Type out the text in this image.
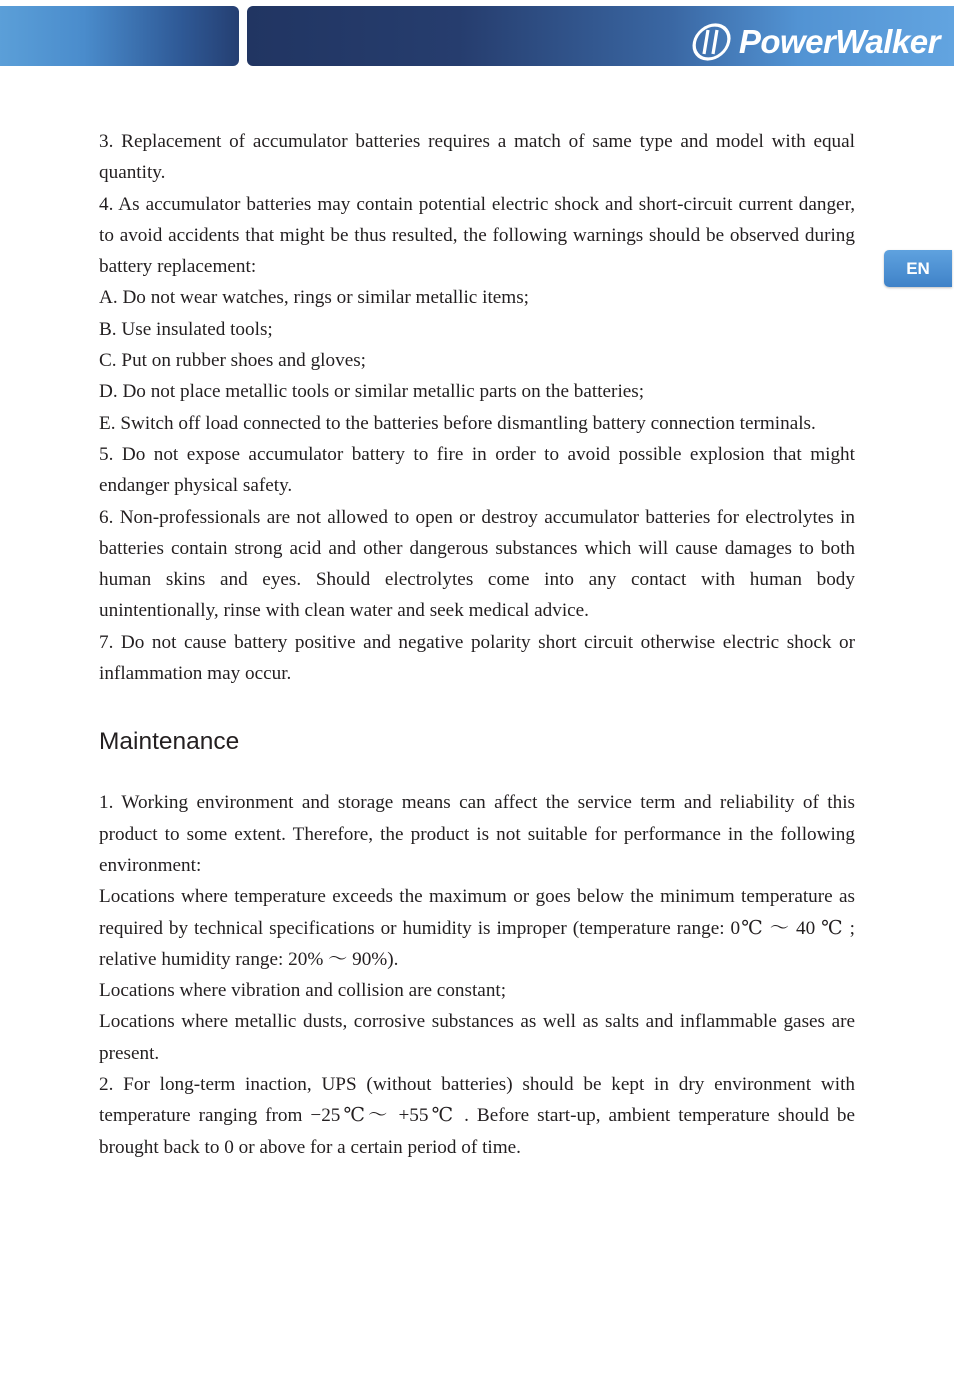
PowerWalker
EN

3. Replacement of accumulator batteries requires a match of same type and model with equal quantity.

4. As accumulator batteries may contain potential electric shock and short-circuit current danger, to avoid accidents that might be thus resulted, the following warnings should be observed during battery replacement:

A. Do not wear watches, rings or similar metallic items;

B. Use insulated tools;

C. Put on rubber shoes and gloves;

D. Do not place metallic tools or similar metallic parts on the batteries;

E. Switch off load connected to the batteries before dismantling battery connection terminals.

5. Do not expose accumulator battery to fire in order to avoid possible explosion that might endanger physical safety.

6. Non-professionals are not allowed to open or destroy accumulator batteries for electrolytes in batteries contain strong acid and other dangerous substances which will cause damages to both human skins and eyes. Should electrolytes come into any contact with human body unintentionally, rinse with clean water and seek medical advice.

7. Do not cause battery positive and negative polarity short circuit otherwise electric shock or inflammation may occur.

Maintenance

1. Working environment and storage means can affect the service term and reliability of this product to some extent. Therefore, the product is not suitable for performance in the following environment:

Locations where temperature exceeds the maximum or goes below the minimum temperature as required by technical specifications or humidity is improper (temperature range: 0℃ ～ 40 ℃ ; relative humidity range: 20% ～ 90%).

Locations where vibration and collision are constant;

Locations where metallic dusts, corrosive substances as well as salts and inflammable gases are present.

2. For long-term inaction, UPS (without batteries) should be kept in dry environment with temperature ranging from −25℃～ +55℃ . Before start-up, ambient temperature should be brought back to 0 or above for a certain period of time.
